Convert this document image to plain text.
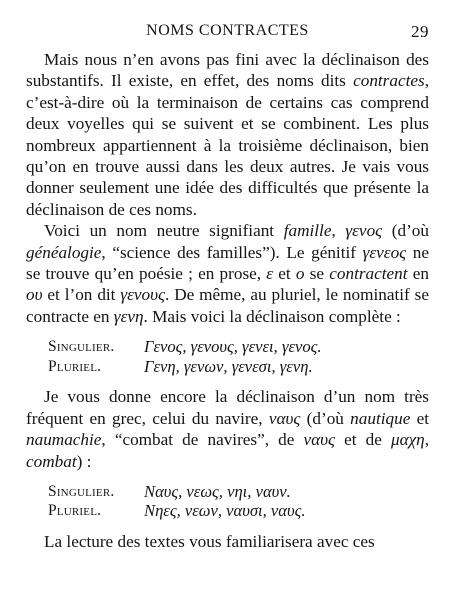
NOMS CONTRACTES	29

Mais nous n’en avons pas fini avec la déclinaison des substantifs. Il existe, en effet, des noms dits contractes, c’est-à-dire où la terminaison de certains cas comprend deux voyelles qui se suivent et se combinent. Les plus nombreux appartiennent à la troisième déclinaison, bien qu’on en trouve aussi dans les deux autres. Je vais vous donner seulement une idée des difficultés que présente la déclinaison de ces noms.

Voici un nom neutre signifiant famille, γενος (d’où généalogie, “science des familles”). Le génitif γενεος ne se trouve qu’en poésie ; en prose, ε et ο se contractent en ου et l’on dit γενους. De même, au pluriel, le nominatif se contracte en γενη. Mais voici la déclinaison complète :

Singulier.	Γενος, γενους, γενει, γενος.
Pluriel.	Γενη, γενων, γενεσι, γενη.

Je vous donne encore la déclinaison d’un nom très fréquent en grec, celui du navire, ναυς (d’où nautique et naumachie, “combat de navires”, de ναυς et de μαχη, combat) :

Singulier.	Ναυς, νεως, νηι, ναυν.
Pluriel.	Νηες, νεων, ναυσι, ναυς.

La lecture des textes vous familiarisera avec ces
